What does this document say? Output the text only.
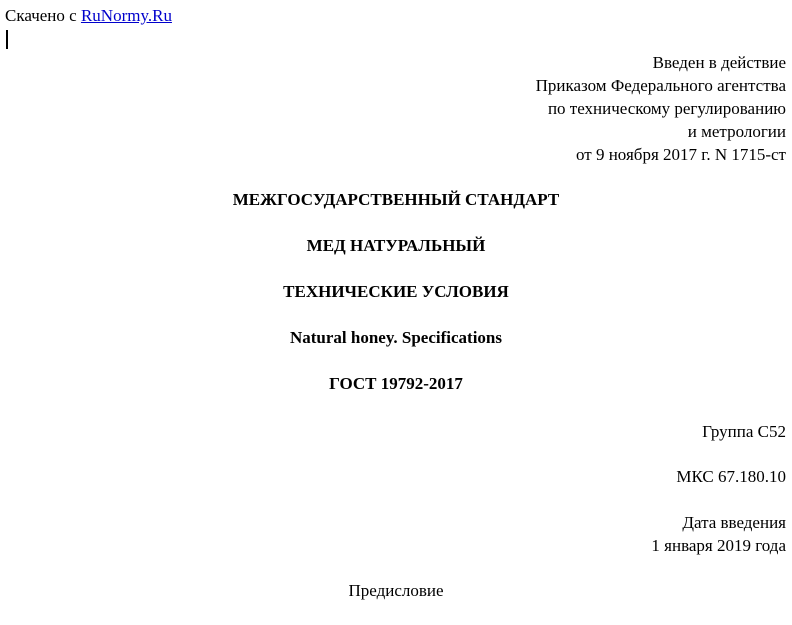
Скачено с RuNormy.Ru
Введен в действие
Приказом Федерального агентства
по техническому регулированию
и метрологии
от 9 ноября 2017 г. N 1715-ст
МЕЖГОСУДАРСТВЕННЫЙ СТАНДАРТ
МЕД НАТУРАЛЬНЫЙ
ТЕХНИЧЕСКИЕ УСЛОВИЯ
Natural honey. Specifications
ГОСТ 19792-2017
Группа С52
МКС 67.180.10
Дата введения
1 января 2019 года
Предисловие
